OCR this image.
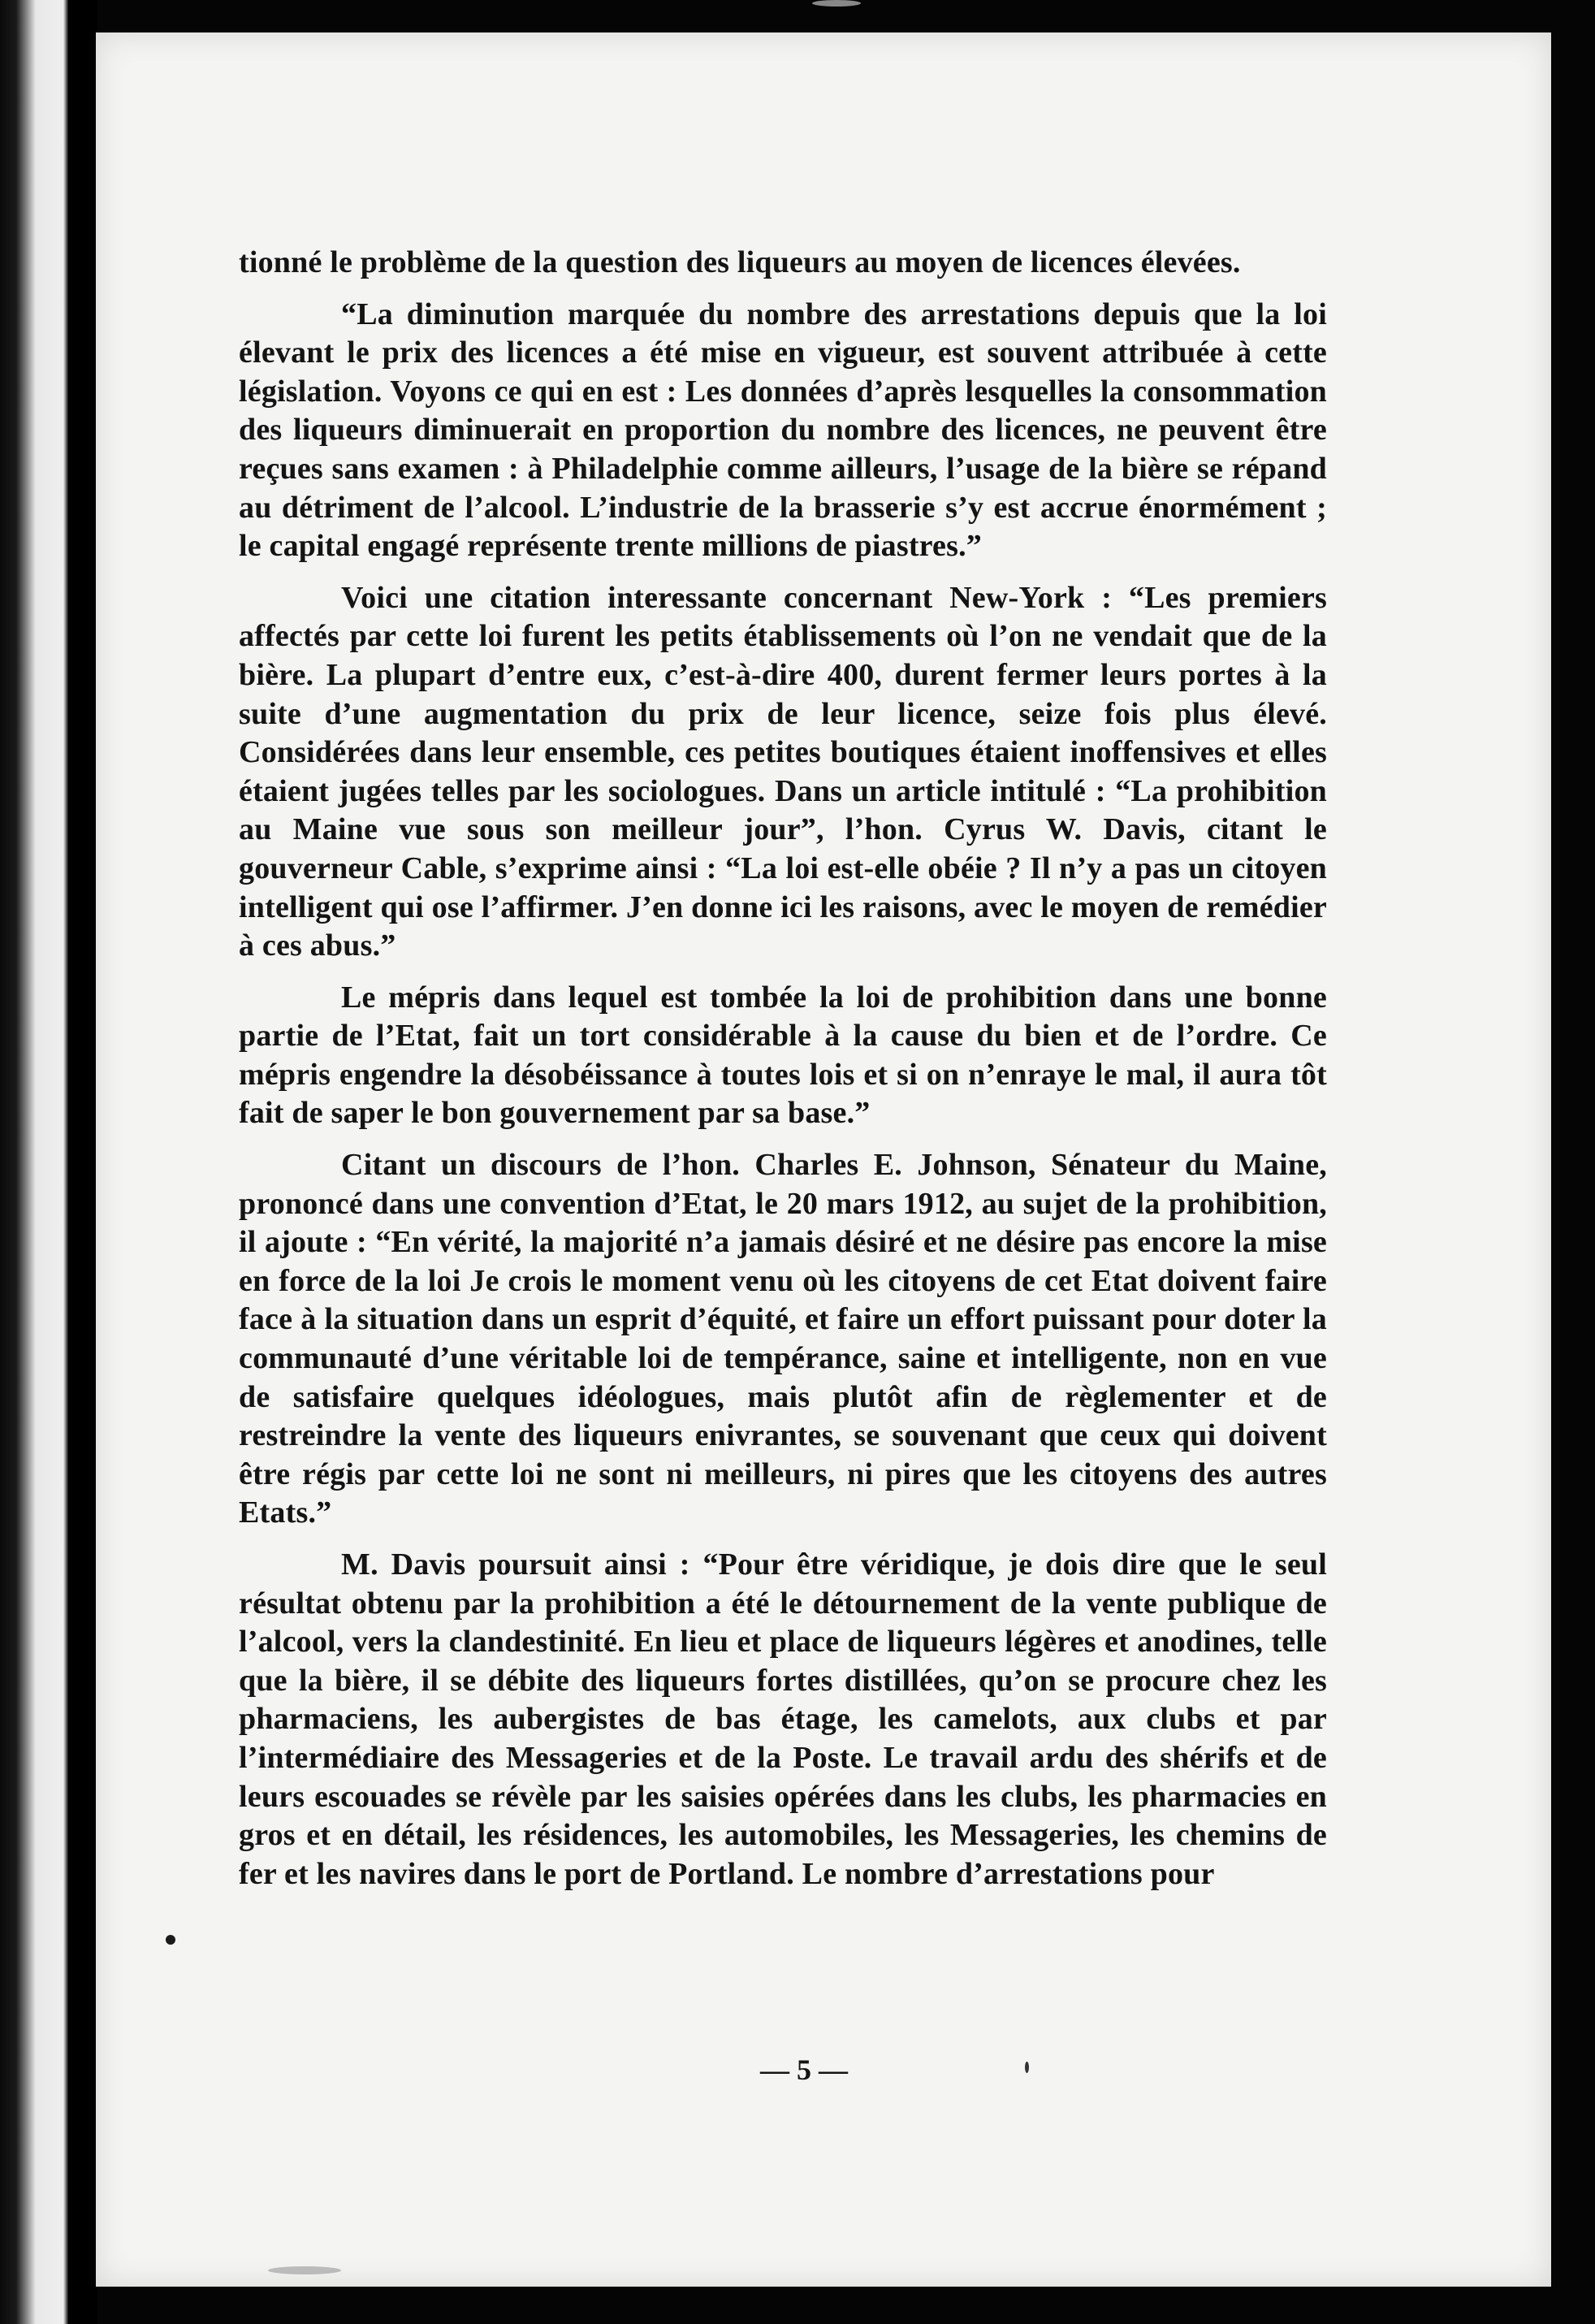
tionné le problème de la question des liqueurs au moyen de licences élevées.

“La diminution marquée du nombre des arrestations depuis que la loi élevant le prix des licences a été mise en vigueur, est souvent attribuée à cette législation. Voyons ce qui en est : Les données d’après lesquelles la consommation des liqueurs diminuerait en proportion du nombre des licences, ne peuvent être reçues sans examen : à Philadelphie comme ailleurs, l’usage de la bière se répand au détriment de l’alcool. L’industrie de la brasserie s’y est accrue énormément ; le capital engagé représente trente millions de piastres.”

Voici une citation interessante concernant New-York : “Les premiers affectés par cette loi furent les petits établissements où l’on ne vendait que de la bière. La plupart d’entre eux, c’est-à-dire 400, durent fermer leurs portes à la suite d’une augmentation du prix de leur licence, seize fois plus élevé. Considérées dans leur ensemble, ces petites boutiques étaient inoffensives et elles étaient jugées telles par les sociologues. Dans un article intitulé : “La prohibition au Maine vue sous son meilleur jour”, l’hon. Cyrus W. Davis, citant le gouverneur Cable, s’exprime ainsi : “La loi est-elle obéie ? Il n’y a pas un citoyen intelligent qui ose l’affirmer. J’en donne ici les raisons, avec le moyen de remédier à ces abus.”

Le mépris dans lequel est tombée la loi de prohibition dans une bonne partie de l’Etat, fait un tort considérable à la cause du bien et de l’ordre. Ce mépris engendre la désobéissance à toutes lois et si on n’enraye le mal, il aura tôt fait de saper le bon gouvernement par sa base.”

Citant un discours de l’hon. Charles E. Johnson, Sénateur du Maine, prononcé dans une convention d’Etat, le 20 mars 1912, au sujet de la prohibition, il ajoute : “En vérité, la majorité n’a jamais désiré et ne désire pas encore la mise en force de la loi Je crois le moment venu où les citoyens de cet Etat doivent faire face à la situation dans un esprit d’équité, et faire un effort puissant pour doter la communauté d’une véritable loi de tempérance, saine et intelligente, non en vue de satisfaire quelques idéologues, mais plutôt afin de règlementer et de restreindre la vente des liqueurs enivrantes, se souvenant que ceux qui doivent être régis par cette loi ne sont ni meilleurs, ni pires que les citoyens des autres Etats.”

M. Davis poursuit ainsi : “Pour être véridique, je dois dire que le seul résultat obtenu par la prohibition a été le détournement de la vente publique de l’alcool, vers la clandestinité. En lieu et place de liqueurs légères et anodines, telle que la bière, il se débite des liqueurs fortes distillées, qu’on se procure chez les pharmaciens, les aubergistes de bas étage, les camelots, aux clubs et par l’intermédiaire des Messageries et de la Poste. Le travail ardu des shérifs et de leurs escouades se révèle par les saisies opérées dans les clubs, les pharmacies en gros et en détail, les résidences, les automobiles, les Messageries, les chemins de fer et les navires dans le port de Portland. Le nombre d’arrestations pour

— 5 —
